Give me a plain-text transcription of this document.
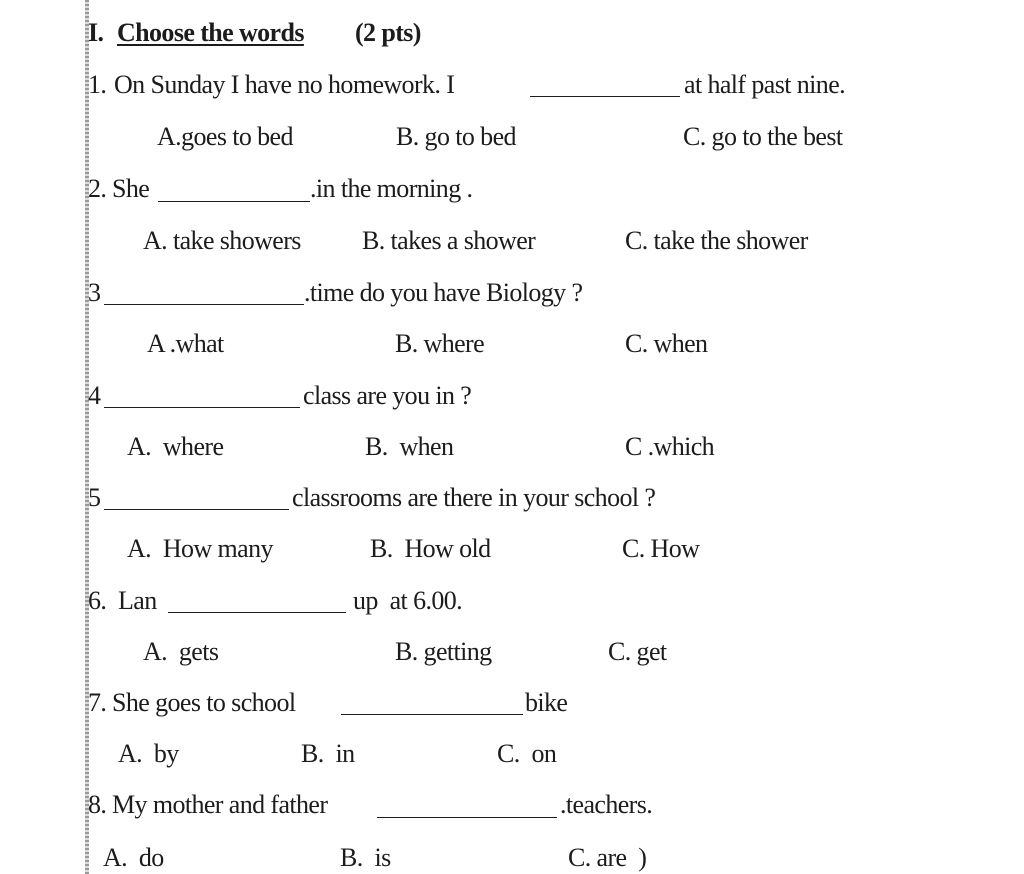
I. Choose the words (2 pts)
1. On Sunday I have no homework. I	at half past nine.
A.goes to bed	B. go to bed	C. go to the best
2. She	.in the morning .
A. take showers B. takes a shower	C. take the shower
3	.time do you have Biology ?
A .what	B. where	C. when
4	class are you in ?
A.  where	B.  when	C .which
5	classrooms are there in your school ?
A.  How many	B.  How old	C. How
6. Lan	up  at 6.00.
A.  gets	B. getting	C. get
7. She goes to school	bike
A.  by	B.  in	C.  on
8. My mother and father	.teachers.
A.  do	B.  is	C. are  )
